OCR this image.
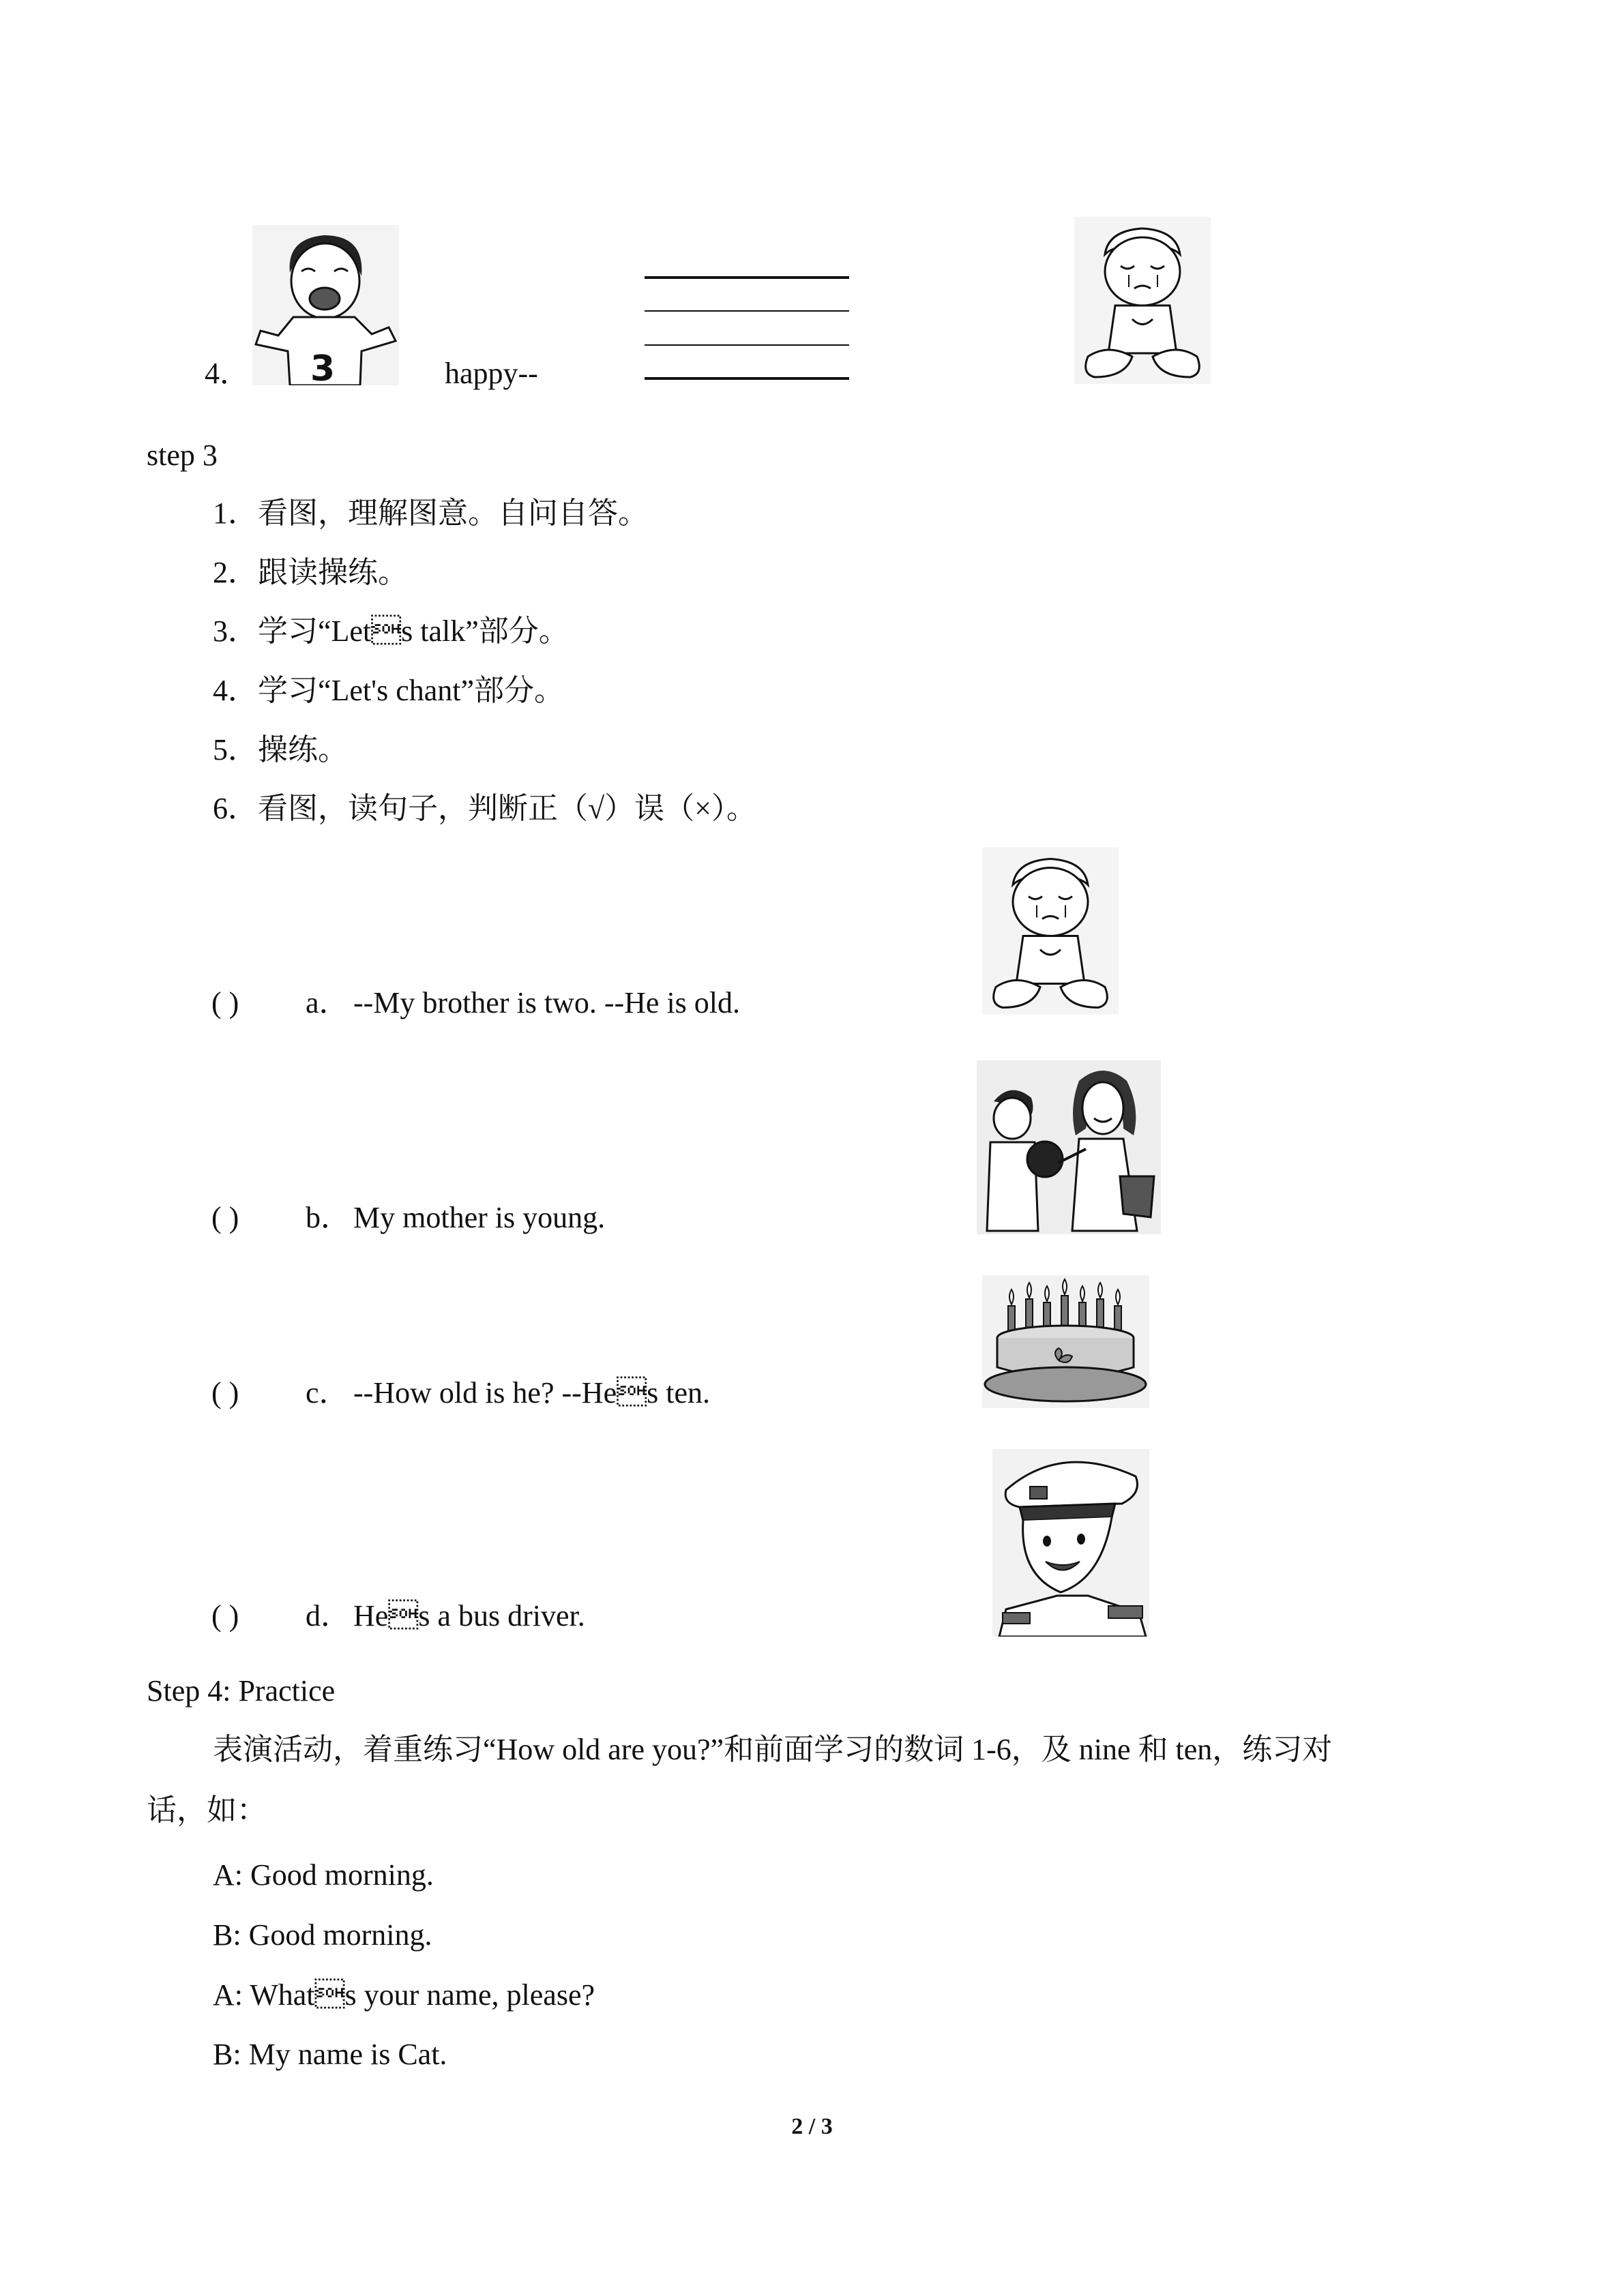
4． 3	happy--
step 3
1．看图，理解图意。自问自答。
2．跟读操练。
3．学习“Lets talk”部分。
4．学习“Let's chant”部分。
5．操练。
6．看图，读句子，判断正（√）误（×）。
( ) a． --My brother is two. --He is old.
( ) b． My mother is young.
( ) c． --How old is he? --Hes ten.
( ) d． Hes a bus driver.
Step 4: Practice
表演活动，着重练习“How old are you?”和前面学习的数词 1-6，及 nine 和 ten，练习对
话，如：
A: Good morning.
B: Good morning.
A: Whats your name, please?
B: My name is Cat.
2 / 3
